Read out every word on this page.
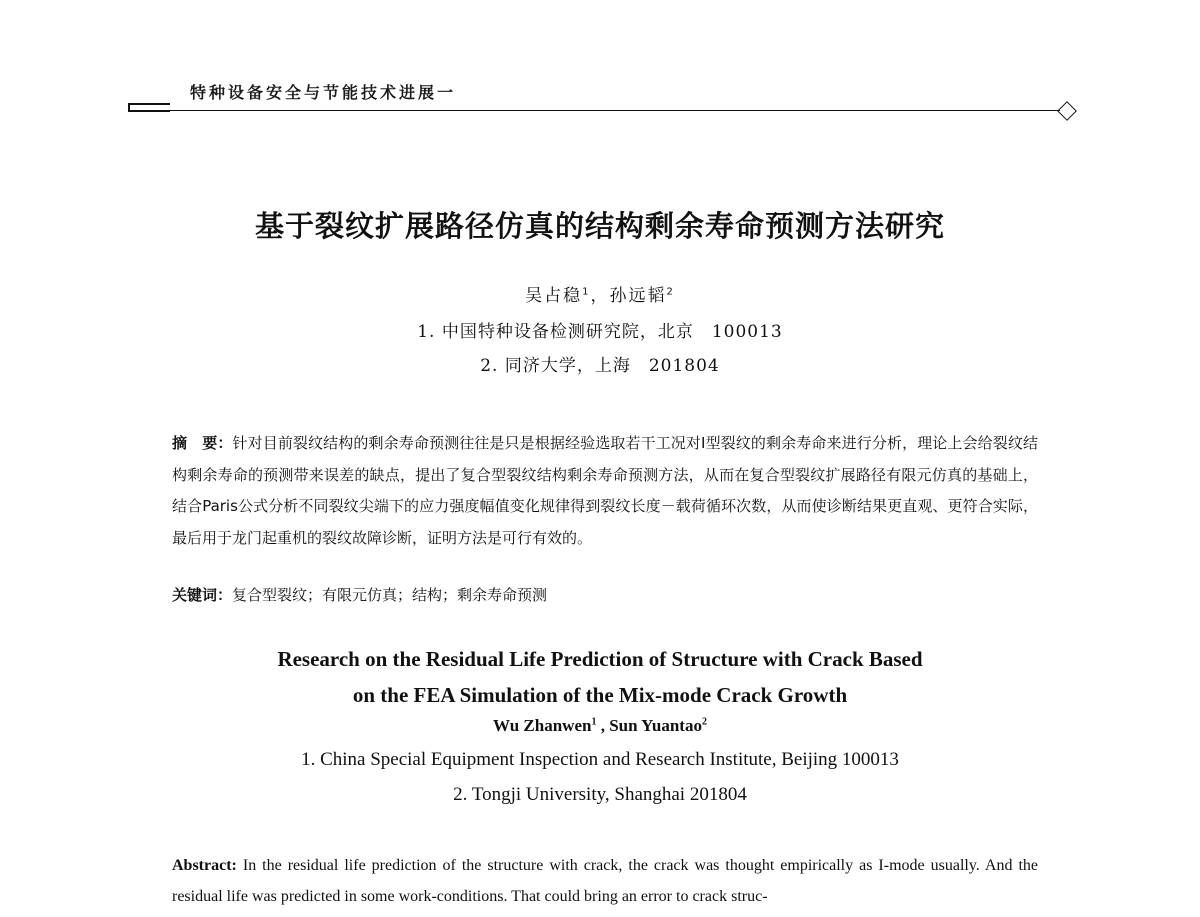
特种设备安全与节能技术进展一
基于裂纹扩展路径仿真的结构剩余寿命预测方法研究
吴占稳$^1$，孙远韬$^2$
1. 中国特种设备检测研究院，北京　100013
2. 同济大学，上海　201804
摘　要：针对目前裂纹结构的剩余寿命预测往往是只是根据经验选取若干工况对Ⅰ型裂纹的剩余寿命来进行分析，理论上会给裂纹结构剩余寿命的预测带来误差的缺点，提出了复合型裂纹结构剩余寿命预测方法，从而在复合型裂纹扩展路径有限元仿真的基础上，结合Paris公式分析不同裂纹尖端下的应力强度幅值变化规律得到裂纹长度－载荷循环次数，从而使诊断结果更直观、更符合实际，最后用于龙门起重机的裂纹故障诊断，证明方法是可行有效的。
关键词：复合型裂纹；有限元仿真；结构；剩余寿命预测
Research on the Residual Life Prediction of Structure with Crack Based
on the FEA Simulation of the Mix-mode Crack Growth
Wu Zhanwen$^1$ , Sun Yuantao$^2$
1. China Special Equipment Inspection and Research Institute, Beijing 100013
2. Tongji University, Shanghai 201804
Abstract: In the residual life prediction of the structure with crack, the crack was thought empirically as I-mode usually. And the residual life was predicted in some work-conditions. That could bring an error to crack struc-
